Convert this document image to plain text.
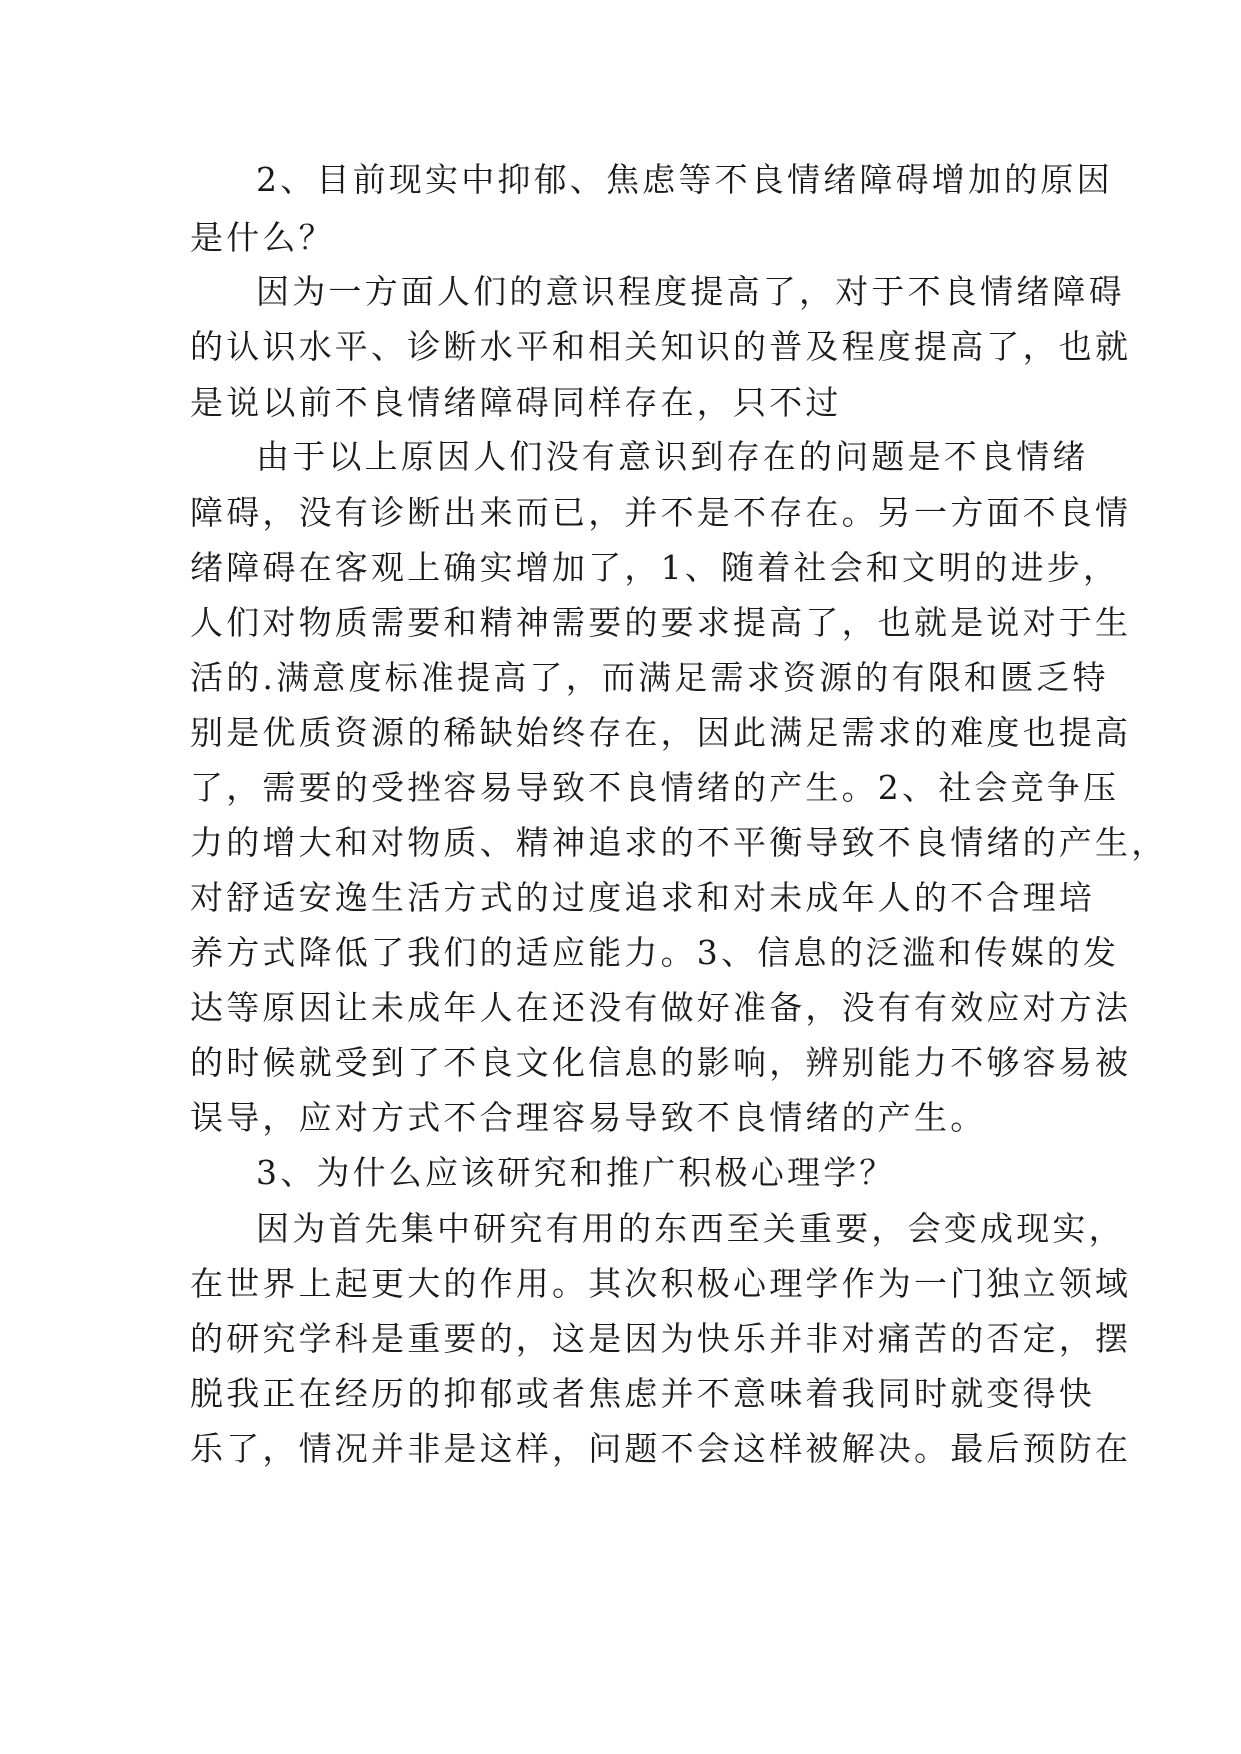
2、目前现实中抑郁、焦虑等不良情绪障碍增加的原因

是什么？

因为一方面人们的意识程度提高了，对于不良情绪障碍

的认识水平、诊断水平和相关知识的普及程度提高了，也就

是说以前不良情绪障碍同样存在，只不过

由于以上原因人们没有意识到存在的问题是不良情绪

障碍，没有诊断出来而已，并不是不存在。另一方面不良情

绪障碍在客观上确实增加了，1、随着社会和文明的进步，

人们对物质需要和精神需要的要求提高了，也就是说对于生

活的.满意度标准提高了，而满足需求资源的有限和匮乏特

别是优质资源的稀缺始终存在，因此满足需求的难度也提高

了，需要的受挫容易导致不良情绪的产生。2、社会竞争压

力的增大和对物质、精神追求的不平衡导致不良情绪的产生，

对舒适安逸生活方式的过度追求和对未成年人的不合理培

养方式降低了我们的适应能力。3、信息的泛滥和传媒的发

达等原因让未成年人在还没有做好准备，没有有效应对方法

的时候就受到了不良文化信息的影响，辨别能力不够容易被

误导，应对方式不合理容易导致不良情绪的产生。

3、为什么应该研究和推广积极心理学？

因为首先集中研究有用的东西至关重要，会变成现实，

在世界上起更大的作用。其次积极心理学作为一门独立领域

的研究学科是重要的，这是因为快乐并非对痛苦的否定，摆

脱我正在经历的抑郁或者焦虑并不意味着我同时就变得快

乐了，情况并非是这样，问题不会这样被解决。最后预防在
